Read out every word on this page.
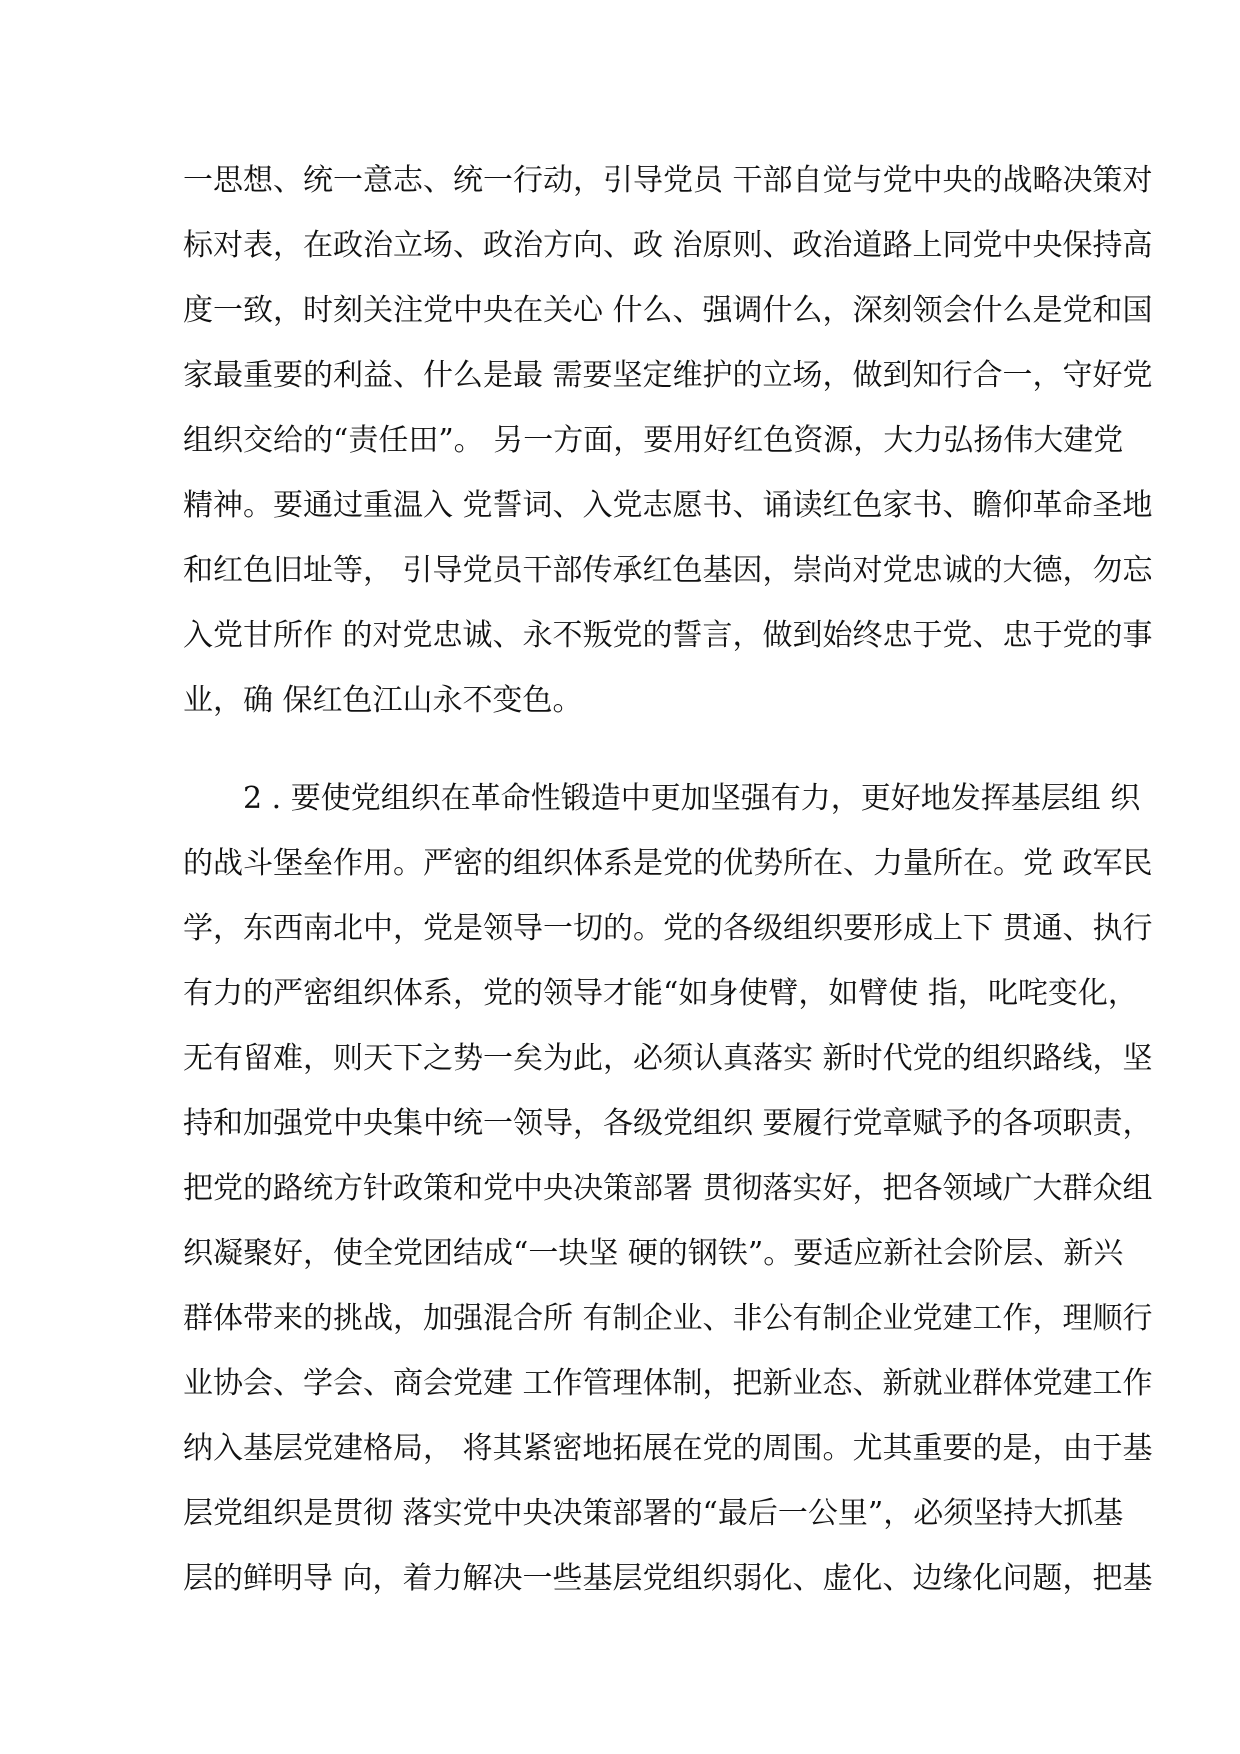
一思想、统一意志、统一行动，引导党员 干部自觉与党中央的战略决策对
标对表，在政治立场、政治方向、政 治原则、政治道路上同党中央保持高
度一致，时刻关注党中央在关心 什么、强调什么，深刻领会什么是党和国
家最重要的利益、什么是最 需要坚定维护的立场，做到知行合一，守好党
组织交给的“责任田”。 另一方面，要用好红色资源，大力弘扬伟大建党
精神。要通过重温入 党誓词、入党志愿书、诵读红色家书、瞻仰革命圣地
和红色旧址等， 引导党员干部传承红色基因，崇尚对党忠诚的大德，勿忘
入党甘所作 的对党忠诚、永不叛党的誓言，做到始终忠于党、忠于党的事
业，确 保红色江山永不变色。
　　2 . 要使党组织在革命性锻造中更加坚强有力，更好地发挥基层组 织
的战斗堡垒作用。严密的组织体系是党的优势所在、力量所在。党 政军民
学，东西南北中，党是领导一切的。党的各级组织要形成上下 贯通、执行
有力的严密组织体系，党的领导才能“如身使臂，如臂使 指，叱咤变化，
无有留难，则天下之势一矣为此，必须认真落实 新时代党的组织路线，坚
持和加强党中央集中统一领导，各级党组织 要履行党章赋予的各项职责，
把党的路统方针政策和党中央决策部署 贯彻落实好，把各领域广大群众组
织凝聚好，使全党团结成“一块坚 硬的钢铁”。要适应新社会阶层、新兴
群体带来的挑战，加强混合所 有制企业、非公有制企业党建工作，理顺行
业协会、学会、商会党建 工作管理体制，把新业态、新就业群体党建工作
纳入基层党建格局， 将其紧密地拓展在党的周围。尤其重要的是，由于基
层党组织是贯彻 落实党中央决策部署的“最后一公里”，必须坚持大抓基
层的鲜明导 向，着力解决一些基层党组织弱化、虚化、边缘化问题，把基
